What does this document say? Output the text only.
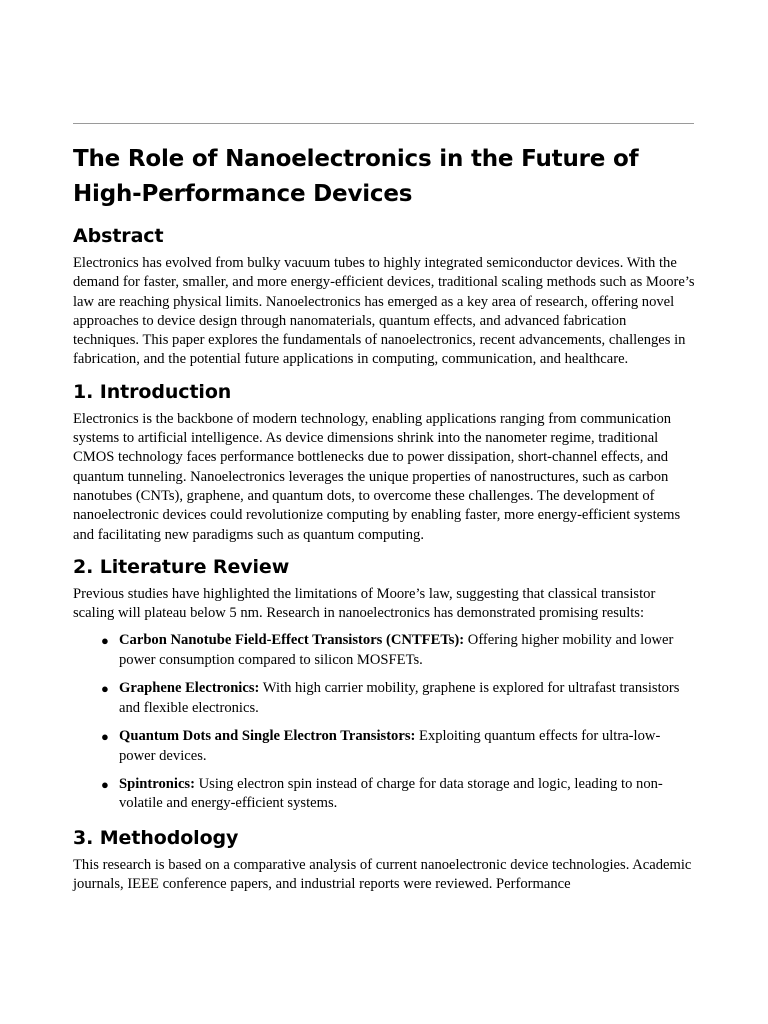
The Role of Nanoelectronics in the Future of High-Performance Devices
Abstract

Electronics has evolved from bulky vacuum tubes to highly integrated semiconductor devices. With the demand for faster, smaller, and more energy-efficient devices, traditional scaling methods such as Moore’s law are reaching physical limits. Nanoelectronics has emerged as a key area of research, offering novel approaches to device design through nanomaterials, quantum effects, and advanced fabrication techniques. This paper explores the fundamentals of nanoelectronics, recent advancements, challenges in fabrication, and the potential future applications in computing, communication, and healthcare.

1. Introduction

Electronics is the backbone of modern technology, enabling applications ranging from communication systems to artificial intelligence. As device dimensions shrink into the nanometer regime, traditional CMOS technology faces performance bottlenecks due to power dissipation, short-channel effects, and quantum tunneling. Nanoelectronics leverages the unique properties of nanostructures, such as carbon nanotubes (CNTs), graphene, and quantum dots, to overcome these challenges. The development of nanoelectronic devices could revolutionize computing by enabling faster, more energy-efficient systems and facilitating new paradigms such as quantum computing.

2. Literature Review

Previous studies have highlighted the limitations of Moore’s law, suggesting that classical transistor scaling will plateau below 5 nm. Research in nanoelectronics has demonstrated promising results:

● Carbon Nanotube Field-Effect Transistors (CNTFETs): Offering higher mobility and lower power consumption compared to silicon MOSFETs.
● Graphene Electronics: With high carrier mobility, graphene is explored for ultrafast transistors and flexible electronics.
● Quantum Dots and Single Electron Transistors: Exploiting quantum effects for ultra-low-power devices.
● Spintronics: Using electron spin instead of charge for data storage and logic, leading to non-volatile and energy-efficient systems.
3. Methodology

This research is based on a comparative analysis of current nanoelectronic device technologies. Academic journals, IEEE conference papers, and industrial reports were reviewed. Performance
